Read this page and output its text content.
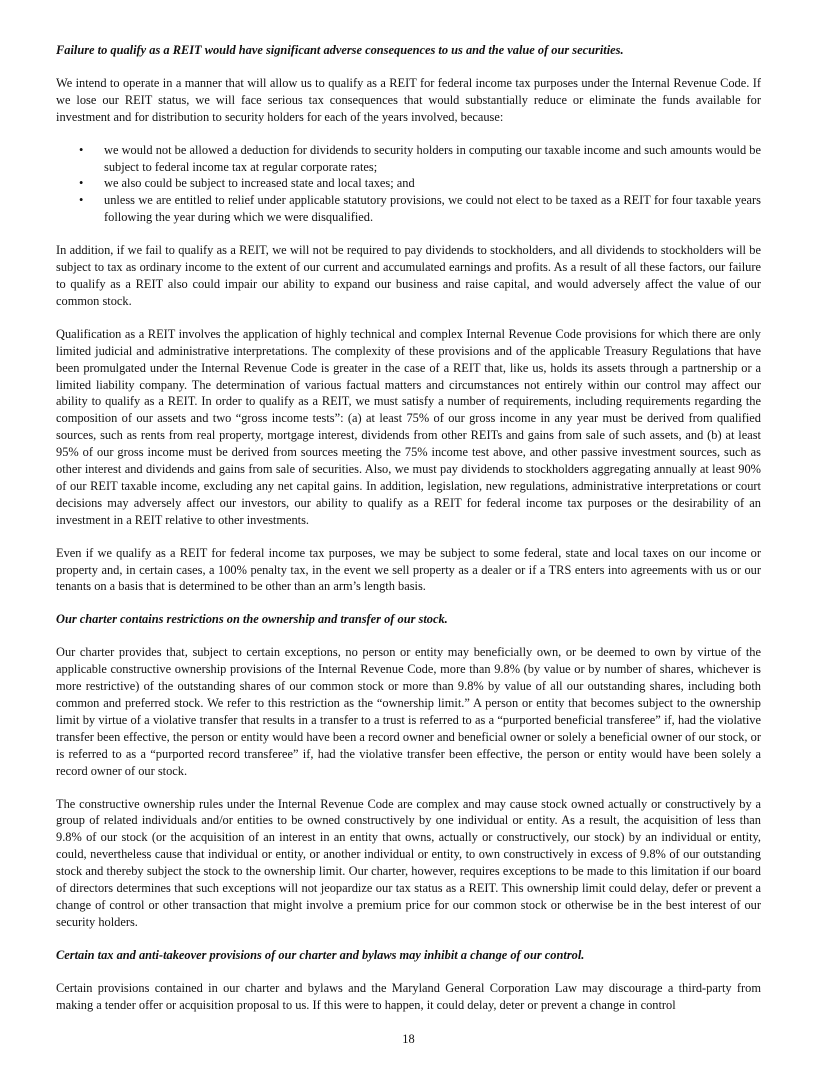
Failure to qualify as a REIT would have significant adverse consequences to us and the value of our securities.

We intend to operate in a manner that will allow us to qualify as a REIT for federal income tax purposes under the Internal Revenue Code. If we lose our REIT status, we will face serious tax consequences that would substantially reduce or eliminate the funds available for investment and for distribution to security holders for each of the years involved, because:

• we would not be allowed a deduction for dividends to security holders in computing our taxable income and such amounts would be subject to federal income tax at regular corporate rates;
• we also could be subject to increased state and local taxes; and
• unless we are entitled to relief under applicable statutory provisions, we could not elect to be taxed as a REIT for four taxable years following the year during which we were disqualified.

In addition, if we fail to qualify as a REIT, we will not be required to pay dividends to stockholders, and all dividends to stockholders will be subject to tax as ordinary income to the extent of our current and accumulated earnings and profits. As a result of all these factors, our failure to qualify as a REIT also could impair our ability to expand our business and raise capital, and would adversely affect the value of our common stock.

Qualification as a REIT involves the application of highly technical and complex Internal Revenue Code provisions for which there are only limited judicial and administrative interpretations. The complexity of these provisions and of the applicable Treasury Regulations that have been promulgated under the Internal Revenue Code is greater in the case of a REIT that, like us, holds its assets through a partnership or a limited liability company. The determination of various factual matters and circumstances not entirely within our control may affect our ability to qualify as a REIT. In order to qualify as a REIT, we must satisfy a number of requirements, including requirements regarding the composition of our assets and two “gross income tests”: (a) at least 75% of our gross income in any year must be derived from qualified sources, such as rents from real property, mortgage interest, dividends from other REITs and gains from sale of such assets, and (b) at least 95% of our gross income must be derived from sources meeting the 75% income test above, and other passive investment sources, such as other interest and dividends and gains from sale of securities. Also, we must pay dividends to stockholders aggregating annually at least 90% of our REIT taxable income, excluding any net capital gains. In addition, legislation, new regulations, administrative interpretations or court decisions may adversely affect our investors, our ability to qualify as a REIT for federal income tax purposes or the desirability of an investment in a REIT relative to other investments.

Even if we qualify as a REIT for federal income tax purposes, we may be subject to some federal, state and local taxes on our income or property and, in certain cases, a 100% penalty tax, in the event we sell property as a dealer or if a TRS enters into agreements with us or our tenants on a basis that is determined to be other than an arm’s length basis.

Our charter contains restrictions on the ownership and transfer of our stock.

Our charter provides that, subject to certain exceptions, no person or entity may beneficially own, or be deemed to own by virtue of the applicable constructive ownership provisions of the Internal Revenue Code, more than 9.8% (by value or by number of shares, whichever is more restrictive) of the outstanding shares of our common stock or more than 9.8% by value of all our outstanding shares, including both common and preferred stock. We refer to this restriction as the “ownership limit.” A person or entity that becomes subject to the ownership limit by virtue of a violative transfer that results in a transfer to a trust is referred to as a “purported beneficial transferee” if, had the violative transfer been effective, the person or entity would have been a record owner and beneficial owner or solely a beneficial owner of our stock, or is referred to as a “purported record transferee” if, had the violative transfer been effective, the person or entity would have been solely a record owner of our stock.

The constructive ownership rules under the Internal Revenue Code are complex and may cause stock owned actually or constructively by a group of related individuals and/or entities to be owned constructively by one individual or entity. As a result, the acquisition of less than 9.8% of our stock (or the acquisition of an interest in an entity that owns, actually or constructively, our stock) by an individual or entity, could, nevertheless cause that individual or entity, or another individual or entity, to own constructively in excess of 9.8% of our outstanding stock and thereby subject the stock to the ownership limit. Our charter, however, requires exceptions to be made to this limitation if our board of directors determines that such exceptions will not jeopardize our tax status as a REIT. This ownership limit could delay, defer or prevent a change of control or other transaction that might involve a premium price for our common stock or otherwise be in the best interest of our security holders.

Certain tax and anti-takeover provisions of our charter and bylaws may inhibit a change of our control.

Certain provisions contained in our charter and bylaws and the Maryland General Corporation Law may discourage a third-party from making a tender offer or acquisition proposal to us. If this were to happen, it could delay, deter or prevent a change in control

18
